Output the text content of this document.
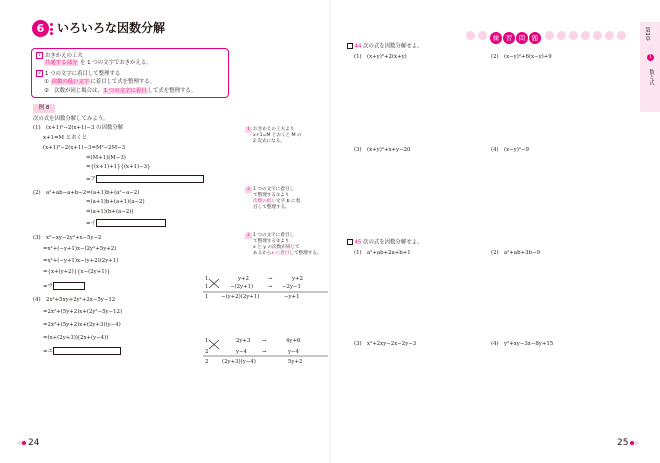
6	いろいろな因数分解
1 おきかえの工夫
共通する部分 を 1 つの文字でおきかえる。
2 1 つの文字に着目して整理する
① 次数の低い文字に着目して式を整理する。
②　次数が同じ場合は，1 つの文字に着目して式を整理する。
例 8
次の式を因数分解してみよう。
(1)　(x+1)²−2(x+1)−3 の因数分解
x+1=M とおくと
(x+1)²−2(x+1)−3=M²−2M−3
=(M+1)(M−3)
={(x+1)+1}{(x+1)−3}
=ア
(2)　a²+ab−a+b−2=(a+1)b+(a²−a−2)
=(a+1)b+(a+1)(a−2)
=(a+1)(b+(a−2))
=イ
(3)　x²−xy−2y²+x−5y−2
=x²+(−y+1)x−(2y²+5y+2)
=x²+(−y+1)x−(y+2)(2y+1)
={x+(y+2)}{x−(2y+1)}
=ウ
(4)　2x²+5xy+2y²+2x−5y−12
=2x²+(5y+2)x+(2y²−5y−12)
=2x²+(5y+2)x+(2y+3)(y−4)
=(x+(2y+3))(2x+(y−4))
=エ
1 おきかえの工夫より
x+1=M とおくと M の
2 次式になる。
2 1 つの文字に着目し
て整理する①より
次数の低い文字 b に着
目して整理する。
2 1 つの文字に着目し
て整理する②より
x と y の次数が同じで
あるからx に着目して整理する。
1	y+2	→	y+2
1	−(2y+1)	→ −2y−1
1 −(y+2)(2y+1)	−y+1
1	2y+3 →	4y+6
2	y−4	→	y−4
2	(2y+3)(y−4)	5y+2
24
練 習 問 題
44 次の式を因数分解せよ。
(1)　(x+y)²+2(x+y)	(2)　(x−y)²+6(x−y)+9
(3)　(x+y)²+x+y−20	(4)　(x−y)²−9
45 次の式を因数分解せよ。
(1)　a²+ab+2a+b+1	(2)　a²+ab+3b−9
(3)　x²+2xy−2x−2y−3	(4)　y²+xy−3x−8y+15
第1章
1
数と式
25
